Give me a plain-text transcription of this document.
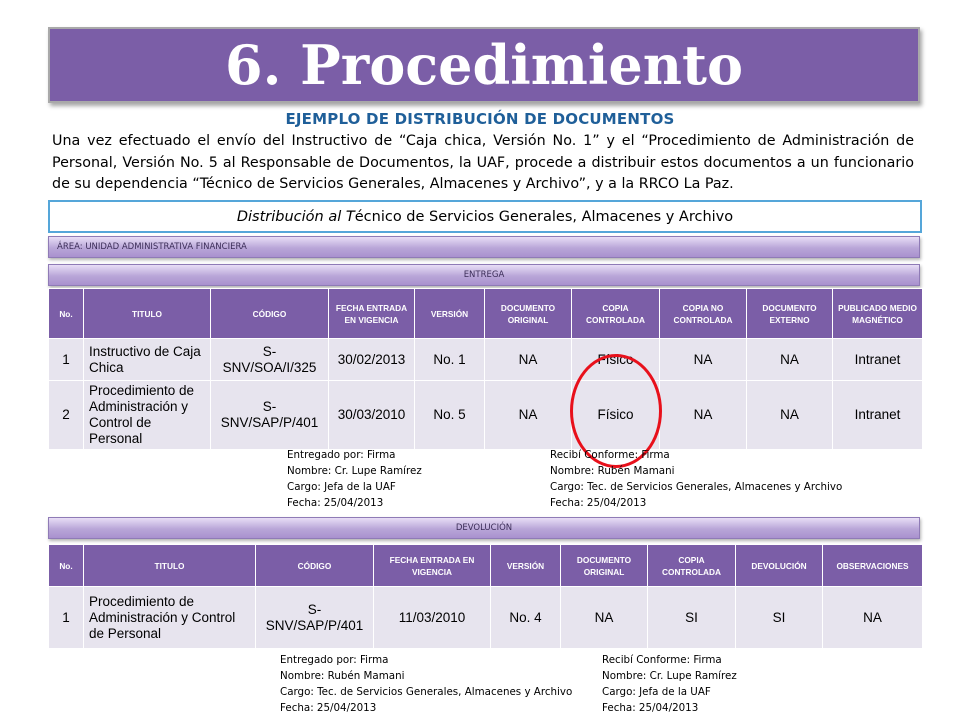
6. Procedimiento
EJEMPLO DE DISTRIBUCIÓN DE DOCUMENTOS

Una vez efectuado el envío del Instructivo de “Caja chica, Versión No. 1” y el “Procedimiento de Administración de Personal, Versión No. 5 al Responsable de Documentos, la UAF, procede a distribuir estos documentos a un funcionario de su dependencia “Técnico de Servicios Generales, Almacenes y Archivo”, y a la RRCO La Paz.

Distribución al T écnico de Servicios Generales, Almacenes y Archivo
ÁREA: UNIDAD ADMINISTRATIVA FINANCIERA
ENTREGA
No.	TITULO	CÓDIGO	FECHA ENTRADA EN VIGENCIA	VERSIÓN	DOCUMENTO ORIGINAL	COPIA CONTROLADA	COPIA NO CONTROLADA	DOCUMENTO EXTERNO	PUBLICADO MEDIO MAGNÉTICO
1	Instructivo de Caja Chica	S-SNV/SOA/I/325	30/02/2013	No. 1	NA	Físico	NA	NA	Intranet
2	Procedimiento de Administración y Control de Personal	S-SNV/SAP/P/401	30/03/2010	No. 5	NA	Físico	NA	NA	Intranet
Entregado por: Firma
Nombre: Cr. Lupe Ramírez
Cargo: Jefa de la UAF
Fecha: 25/04/2013
Recibí Conforme: Firma
Nombre: Rubén Mamani
Cargo: Tec. de Servicios Generales, Almacenes y Archivo
Fecha: 25/04/2013
DEVOLUCIÓN
No.	TITULO	CÓDIGO	FECHA ENTRADA EN VIGENCIA	VERSIÓN	DOCUMENTO ORIGINAL	COPIA CONTROLADA	DEVOLUCIÓN	OBSERVACIONES
1	Procedimiento de Administración y Control de Personal	S-SNV/SAP/P/401	11/03/2010	No. 4	NA	SI	SI	NA
Entregado por: Firma
Nombre: Rubén Mamani
Cargo: Tec. de Servicios Generales, Almacenes y Archivo
Fecha: 25/04/2013
Recibí Conforme: Firma
Nombre: Cr. Lupe Ramírez
Cargo: Jefa de la UAF
Fecha: 25/04/2013
